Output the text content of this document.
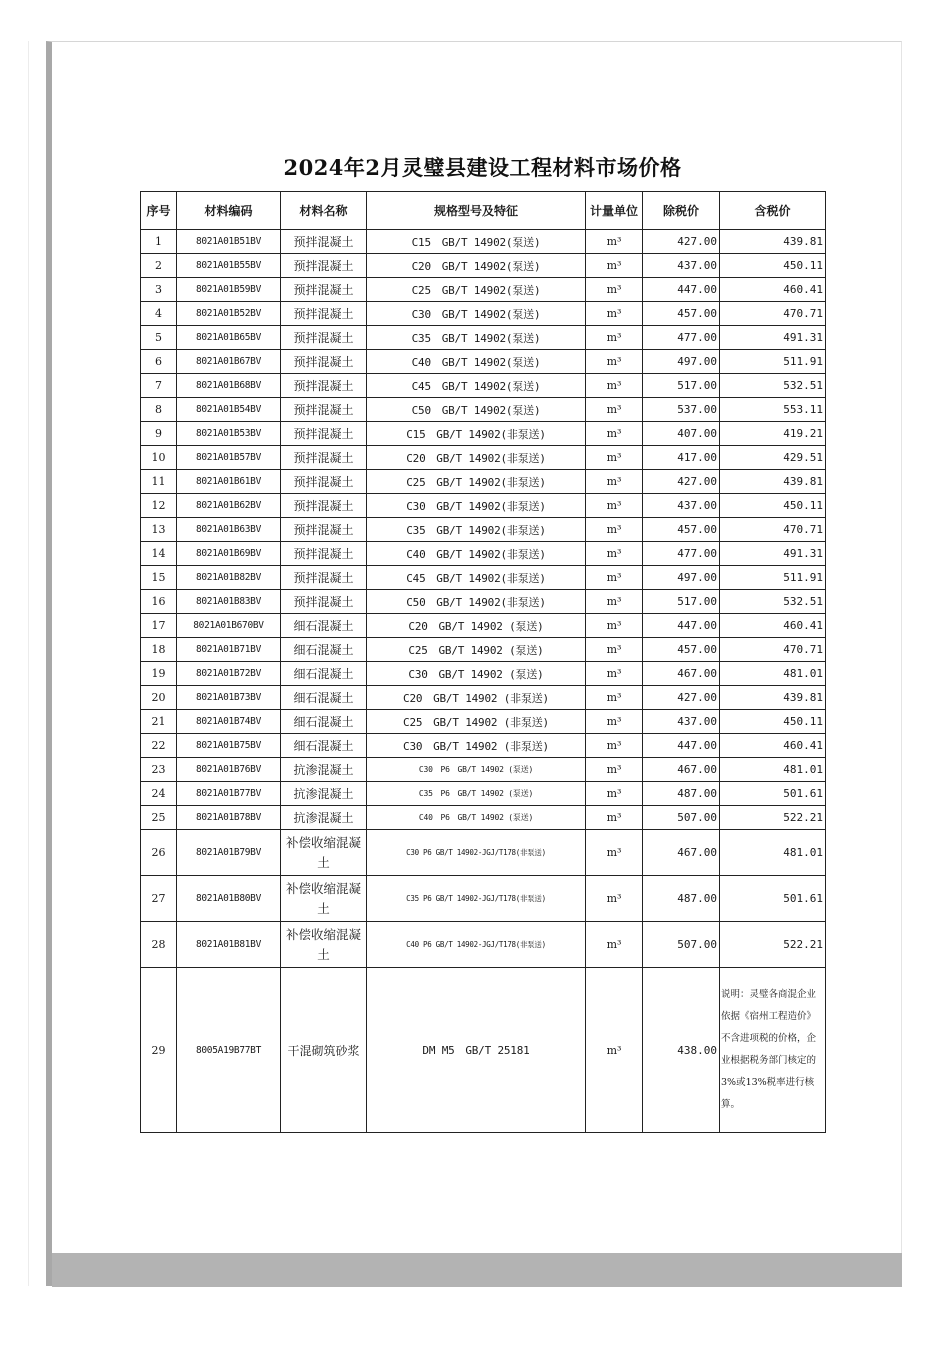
2024年2月灵璧县建设工程材料市场价格
序号	材料编码	材料名称	规格型号及特征	计量单位	除税价	含税价
1	8021A01B51BV	预拌混凝土	C15　GB/T 14902(泵送)	m³	427.00	439.81
2	8021A01B55BV	预拌混凝土	C20　GB/T 14902(泵送)	m³	437.00	450.11
3	8021A01B59BV	预拌混凝土	C25　GB/T 14902(泵送)	m³	447.00	460.41
4	8021A01B52BV	预拌混凝土	C30　GB/T 14902(泵送)	m³	457.00	470.71
5	8021A01B65BV	预拌混凝土	C35　GB/T 14902(泵送)	m³	477.00	491.31
6	8021A01B67BV	预拌混凝土	C40　GB/T 14902(泵送)	m³	497.00	511.91
7	8021A01B68BV	预拌混凝土	C45　GB/T 14902(泵送)	m³	517.00	532.51
8	8021A01B54BV	预拌混凝土	C50　GB/T 14902(泵送)	m³	537.00	553.11
9	8021A01B53BV	预拌混凝土	C15　GB/T 14902(非泵送)	m³	407.00	419.21
10	8021A01B57BV	预拌混凝土	C20　GB/T 14902(非泵送)	m³	417.00	429.51
11	8021A01B61BV	预拌混凝土	C25　GB/T 14902(非泵送)	m³	427.00	439.81
12	8021A01B62BV	预拌混凝土	C30　GB/T 14902(非泵送)	m³	437.00	450.11
13	8021A01B63BV	预拌混凝土	C35　GB/T 14902(非泵送)	m³	457.00	470.71
14	8021A01B69BV	预拌混凝土	C40　GB/T 14902(非泵送)	m³	477.00	491.31
15	8021A01B82BV	预拌混凝土	C45　GB/T 14902(非泵送)	m³	497.00	511.91
16	8021A01B83BV	预拌混凝土	C50　GB/T 14902(非泵送)	m³	517.00	532.51
17	8021A01B670BV	细石混凝土	C20　GB/T 14902 (泵送)	m³	447.00	460.41
18	8021A01B71BV	细石混凝土	C25　GB/T 14902 (泵送)	m³	457.00	470.71
19	8021A01B72BV	细石混凝土	C30　GB/T 14902 (泵送)	m³	467.00	481.01
20	8021A01B73BV	细石混凝土	C20　GB/T 14902 (非泵送)	m³	427.00	439.81
21	8021A01B74BV	细石混凝土	C25　GB/T 14902 (非泵送)	m³	437.00	450.11
22	8021A01B75BV	细石混凝土	C30　GB/T 14902 (非泵送)	m³	447.00	460.41
23	8021A01B76BV	抗渗混凝土	C30　P6　GB/T 14902 (泵送)	m³	467.00	481.01
24	8021A01B77BV	抗渗混凝土	C35　P6　GB/T 14902 (泵送)	m³	487.00	501.61
25	8021A01B78BV	抗渗混凝土	C40　P6　GB/T 14902 (泵送)	m³	507.00	522.21
26	8021A01B79BV	补偿收缩混凝土	C30 P6 GB/T 14902-JGJ/T178(非泵送)	m³	467.00	481.01
27	8021A01B80BV	补偿收缩混凝土	C35 P6 GB/T 14902-JGJ/T178(非泵送)	m³	487.00	501.61
28	8021A01B81BV	补偿收缩混凝土	C40 P6 GB/T 14902-JGJ/T178(非泵送)	m³	507.00	522.21
29	8005A19B77BT	干混砌筑砂浆	DM M5　GB/T 25181	m³	438.00	说明：灵璧各商混企业依据《宿州工程造价》不含进项税的价格，企业根据税务部门核定的3%或13%税率进行核算。
